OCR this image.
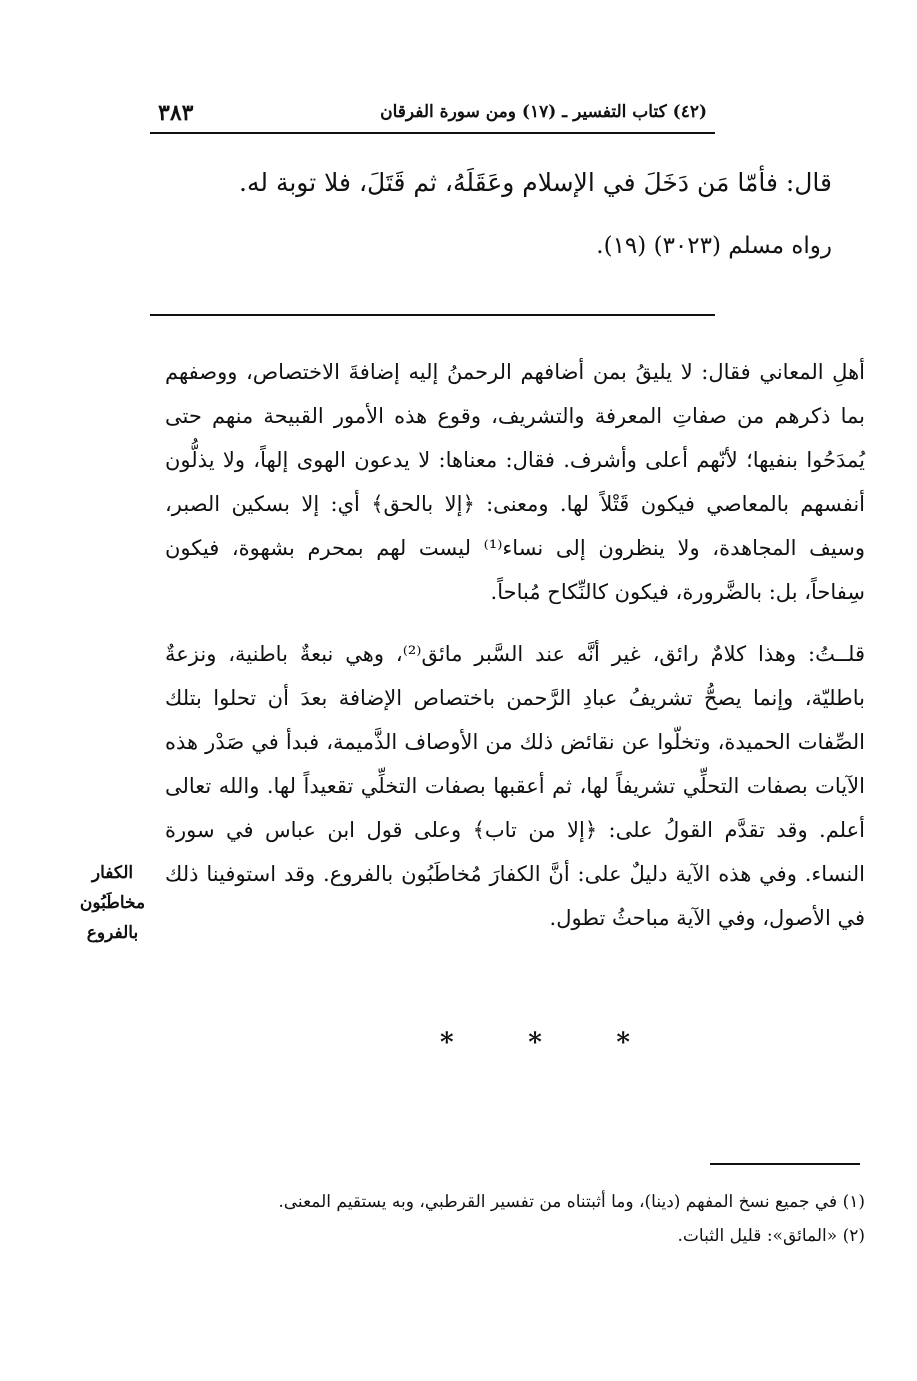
٣٨٣	(٤٢) كتاب التفسير ـ (١٧) ومن سورة الفرقان
قال: فأمّا مَن دَخَلَ في الإسلام وعَقَلَهُ، ثم قَتَلَ، فلا توبة له.
رواه مسلم (٣٠٢٣) (١٩).

أهلِ المعاني فقال: لا يليقُ بمن أضافهم الرحمنُ إليه إضافةَ الاختصاص، ووصفهم بما ذكرهم من صفاتِ المعرفة والتشريف، وقوع هذه الأمور القبيحة منهم حتى يُمدَحُوا بنفيها؛ لأنّهم أعلى وأشرف. فقال: معناها: لا يدعون الهوى إلهاً، ولا يذلُّون أنفسهم بالمعاصي فيكون قَتْلاً لها. ومعنى: ﴿إلا بالحق﴾ أي: إلا بسكين الصبر، وسيف المجاهدة، ولا ينظرون إلى نساء⁽¹⁾ ليست لهم بمحرم بشهوة، فيكون سِفاحاً، بل: بالضَّرورة، فيكون كالنِّكاح مُباحاً.

قلــتُ: وهذا كلامٌ رائق، غير أنَّه عند السَّبر مائق⁽²⁾، وهي نبعةٌ باطنية، ونزعةٌ باطليّة، وإنما يصحُّ تشريفُ عبادِ الرَّحمن باختصاص الإضافة بعدَ أن تحلوا بتلك الصِّفات الحميدة، وتخلّوا عن نقائض ذلك من الأوصاف الذَّميمة، فبدأ في صَدْر هذه الآيات بصفات التحلِّي تشريفاً لها، ثم أعقبها بصفات التخلِّي تقعيداً لها. والله تعالى أعلم. وقد تقدَّم القولُ على: ﴿إلا من تاب﴾ وعلى قول ابن عباس في سورة النساء. وفي هذه الآية دليلٌ على: أنَّ الكفارَ مُخاطَبُون بالفروع. وقد استوفينا ذلك في الأصول، وفي الآية مباحثُ تطول.

الكفار
مخاطَبُون
بالفروع
*	*	*
(١) في جميع نسخ المفهم (دينا)، وما أثبتناه من تفسير القرطبي، وبه يستقيم المعنى.
(٢) «المائق»: قليل الثبات.
